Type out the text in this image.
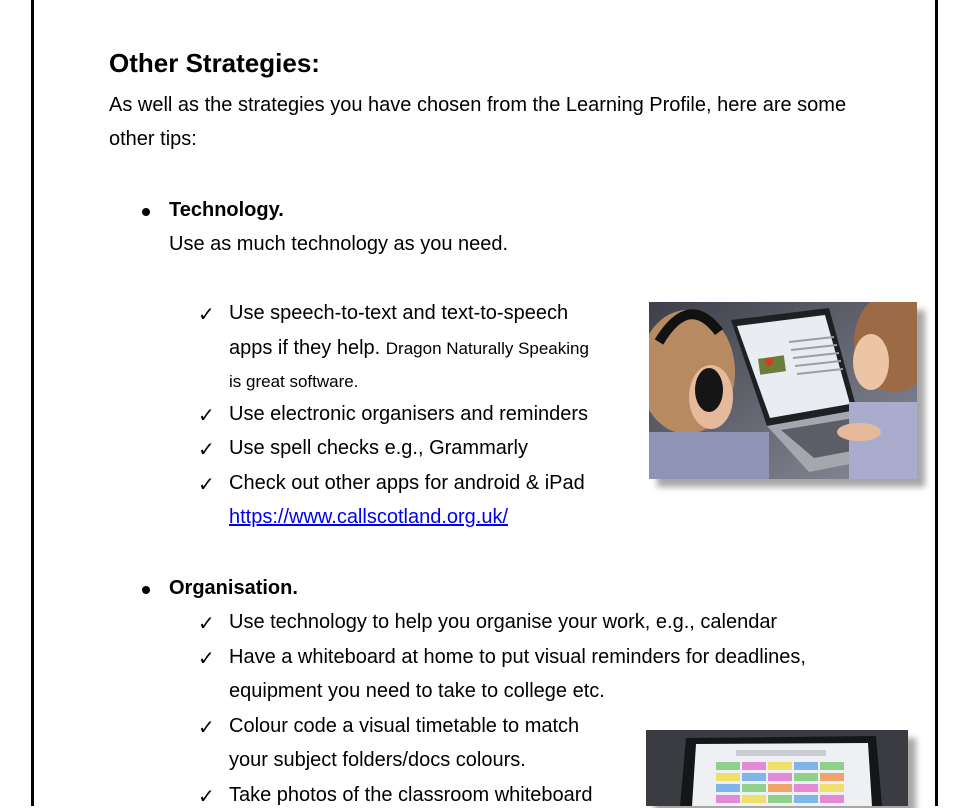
Other Strategies:
As well as the strategies you have chosen from the Learning Profile, here are some
other tips:
Technology.
Use as much technology as you need.
✓ Use speech-to-text and text-to-speech
apps if they help. Dragon Naturally Speaking
is great software.
✓ Use electronic organisers and reminders
✓ Use spell checks e.g., Grammarly
✓ Check out other apps for android & iPad
https://www.callscotland.org.uk/
Organisation.
✓ Use technology to help you organise your work, e.g., calendar
✓ Have a whiteboard at home to put visual reminders for deadlines,
equipment you need to take to college etc.
✓ Colour code a visual timetable to match
your subject folders/docs colours.
✓ Take photos of the classroom whiteboard
